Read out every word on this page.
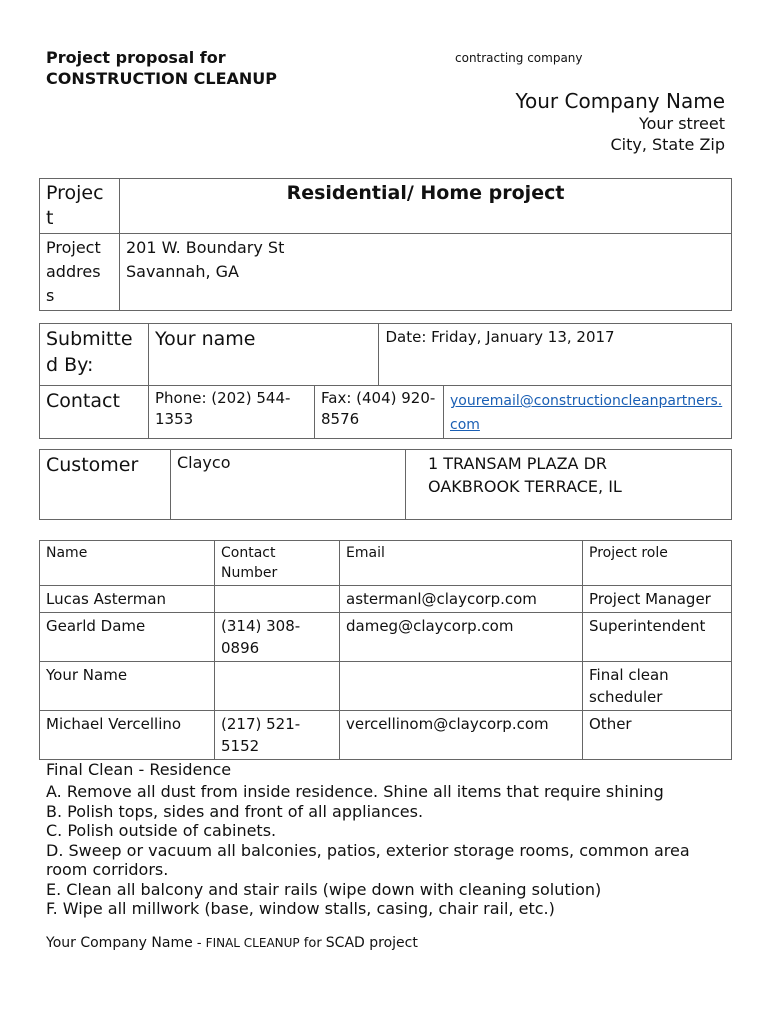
Project proposal for
CONSTRUCTION CLEANUP
contracting company
Your Company Name
Your street
City, State Zip
Projec t	Residential/ Home project
Project addres s	201 W. Boundary St
Savannah, GA
Submitte d By:	Your name		Date: Friday, January 13, 2017	
Contact	Phone: (202) 544-1353	Fax: (404) 920-8576		youremail@constructioncleanpartners.com
Customer	Clayco	1 TRANSAM PLAZA DR
OAKBROOK TERRACE, IL
Name	Contact Number	Email	Project role
Lucas Asterman		astermanl@claycorp.com	Project Manager
Gearld Dame	(314) 308-0896	dameg@claycorp.com	Superintendent
Your Name			Final clean scheduler
Michael Vercellino	(217) 521-5152	vercellinom@claycorp.com	Other
Final Clean - Residence
A. Remove all dust from inside residence. Shine all items that require shining
B. Polish tops, sides and front of all appliances.
C. Polish outside of cabinets.
D. Sweep or vacuum all balconies, patios, exterior storage rooms, common area room corridors.
E. Clean all balcony and stair rails (wipe down with cleaning solution)
F. Wipe all millwork (base, window stalls, casing, chair rail, etc.)
Your Company Name - FINAL CLEANUP for SCAD project
